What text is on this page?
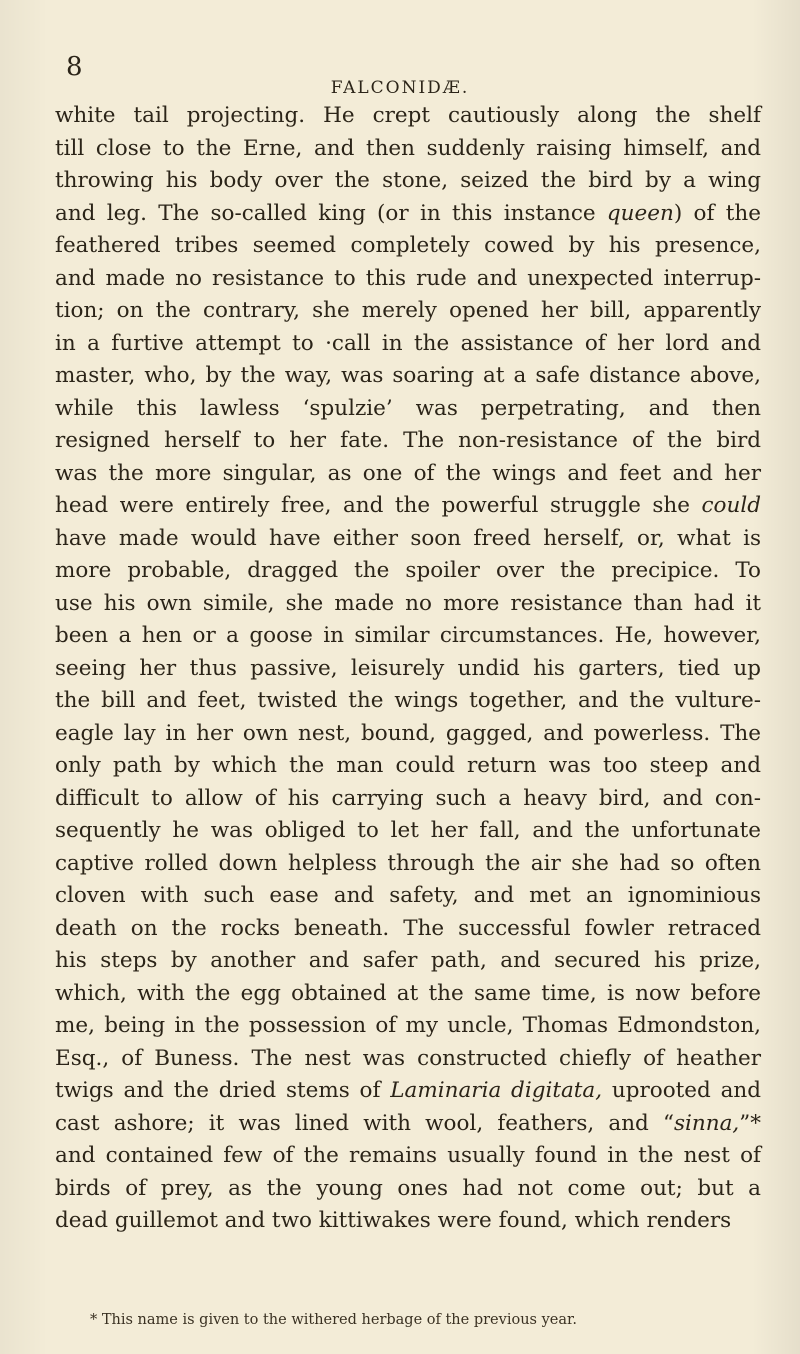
8
FALCONIDÆ.
white tail projecting. He crept cautiously along the shelf
till close to the Erne, and then suddenly raising himself, and
throwing his body over the stone, seized the bird by a wing
and leg. The so-called king (or in this instance queen) of the
feathered tribes seemed completely cowed by his presence,
and made no resistance to this rude and unexpected interrup-
tion; on the contrary, she merely opened her bill, apparently
in a furtive attempt to ·call in the assistance of her lord and
master, who, by the way, was soaring at a safe distance above,
while this lawless ‘spulzie’ was perpetrating, and then
resigned herself to her fate. The non-resistance of the bird
was the more singular, as one of the wings and feet and her
head were entirely free, and the powerful struggle she could
have made would have either soon freed herself, or, what is
more probable, dragged the spoiler over the precipice. To
use his own simile, she made no more resistance than had it
been a hen or a goose in similar circumstances. He, however,
seeing her thus passive, leisurely undid his garters, tied up
the bill and feet, twisted the wings together, and the vulture-
eagle lay in her own nest, bound, gagged, and powerless. The
only path by which the man could return was too steep and
difficult to allow of his carrying such a heavy bird, and con-
sequently he was obliged to let her fall, and the unfortunate
captive rolled down helpless through the air she had so often
cloven with such ease and safety, and met an ignominious
death on the rocks beneath. The successful fowler retraced
his steps by another and safer path, and secured his prize,
which, with the egg obtained at the same time, is now before
me, being in the possession of my uncle, Thomas Edmondston,
Esq., of Buness. The nest was constructed chiefly of heather
twigs and the dried stems of Laminaria digitata, uprooted and
cast ashore; it was lined with wool, feathers, and “sinna,”*
and contained few of the remains usually found in the nest of
birds of prey, as the young ones had not come out; but a
dead guillemot and two kittiwakes were found, which renders
* This name is given to the withered herbage of the previous year.
